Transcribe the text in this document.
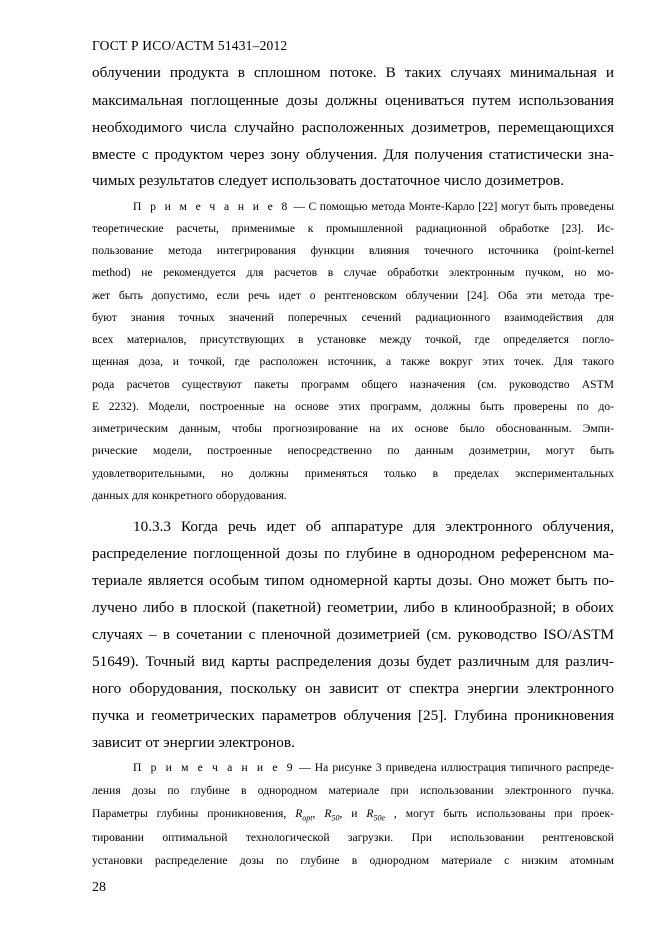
ГОСТ Р ИСО/АСТМ 51431–2012
облучении продукта в сплошном потоке. В таких случаях минимальная и
максимальная поглощенные дозы должны оцениваться путем использования
необходимого числа случайно расположенных дозиметров, перемещающихся
вместе с продуктом через зону облучения. Для получения статистически зна-
чимых результатов следует использовать достаточное число дозиметров.
П р и м е ч а н и е 8 — С помощью метода Монте-Карло [22] могут быть проведены
теоретические расчеты, применимые к промышленной радиационной обработке [23]. Ис-
пользование метода интегрирования функции влияния точечного источника (point-kernel
method) не рекомендуется для расчетов в случае обработки электронным пучком, но мо-
жет быть допустимо, если речь идет о рентгеновском облучении [24]. Оба эти метода тре-
буют знания точных значений поперечных сечений радиационного взаимодействия для
всех материалов, присутствующих в установке между точкой, где определяется погло-
щенная доза, и точкой, где расположен источник, а также вокруг этих точек. Для такого
рода расчетов существуют пакеты программ общего назначения (см. руководство ASTM
E 2232). Модели, построенные на основе этих программ, должны быть проверены по до-
зиметрическим данным, чтобы прогнозирование на их основе было обоснованным. Эмпи-
рические модели, построенные непосредственно по данным дозиметрии, могут быть
удовлетворительными, но должны применяться только в пределах экспериментальных
данных для конкретного оборудования.
10.3.3 Когда речь идет об аппаратуре для электронного облучения,
распределение поглощенной дозы по глубине в однородном референсном ма-
териале является особым типом одномерной карты дозы. Оно может быть по-
лучено либо в плоской (пакетной) геометрии, либо в клинообразной; в обоих
случаях – в сочетании с пленочной дозиметрией (см. руководство ISO/ASTM
51649). Точный вид карты распределения дозы будет различным для различ-
ного оборудования, поскольку он зависит от спектра энергии электронного
пучка и геометрических параметров облучения [25]. Глубина проникновения
зависит от энергии электронов.
П р и м е ч а н и е 9 — На рисунке 3 приведена иллюстрация типичного распреде-
ления дозы по глубине в однородном материале при использовании электронного пучка.
Параметры глубины проникновения, $R_{opt}$, $R_{50}$, и $R_{50e}$ , могут быть использованы при проек-
тировании оптимальной технологической загрузки. При использовании рентгеновской
установки распределение дозы по глубине в однородном материале с низким атомным
28
